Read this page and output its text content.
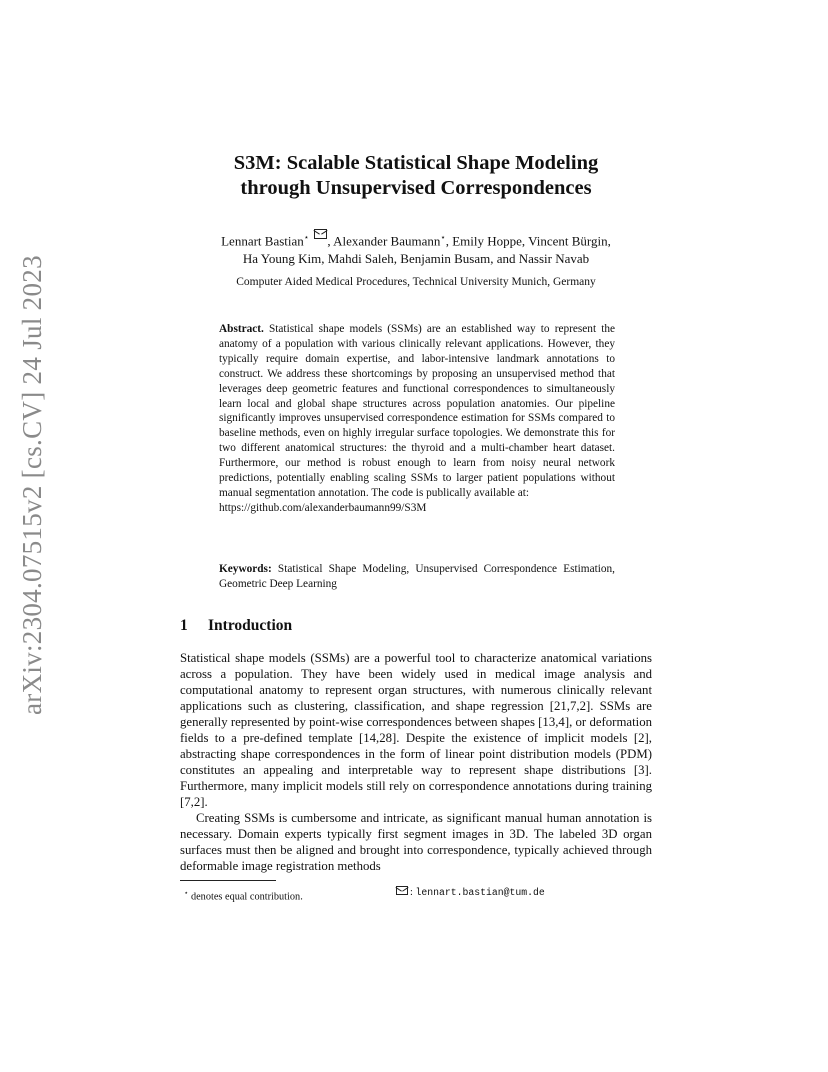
arXiv:2304.07515v2 [cs.CV] 24 Jul 2023
S3M: Scalable Statistical Shape Modeling
through Unsupervised Correspondences
Lennart Bastian⋆ , Alexander Baumann⋆, Emily Hoppe, Vincent Bürgin,
Ha Young Kim, Mahdi Saleh, Benjamin Busam, and Nassir Navab
Computer Aided Medical Procedures, Technical University Munich, Germany

Abstract. Statistical shape models (SSMs) are an established way to represent the anatomy of a population with various clinically relevant applications. However, they typically require domain expertise, and labor-intensive landmark annotations to construct. We address these shortcomings by proposing an unsupervised method that leverages deep geometric features and functional correspondences to simultaneously learn local and global shape structures across population anatomies. Our pipeline significantly improves unsupervised correspondence estimation for SSMs compared to baseline methods, even on highly irregular surface topologies. We demonstrate this for two different anatomical structures: the thyroid and a multi-chamber heart dataset. Furthermore, our method is robust enough to learn from noisy neural network predictions, potentially enabling scaling SSMs to larger patient populations without manual segmentation annotation. The code is publically available at:

https://github.com/alexanderbaumann99/S3M

Keywords: Statistical Shape Modeling, Unsupervised Correspondence Estimation, Geometric Deep Learning
1 Introduction

Statistical shape models (SSMs) are a powerful tool to characterize anatomical variations across a population. They have been widely used in medical image analysis and computational anatomy to represent organ structures, with numerous clinically relevant applications such as clustering, classification, and shape regression [21,7,2]. SSMs are generally represented by point-wise correspondences between shapes [13,4], or deformation fields to a pre-defined template [14,28]. Despite the existence of implicit models [2], abstracting shape correspondences in the form of linear point distribution models (PDM) constitutes an appealing and interpretable way to represent shape distributions [3]. Furthermore, many implicit models still rely on correspondence annotations during training [7,2].

Creating SSMs is cumbersome and intricate, as significant manual human annotation is necessary. Domain experts typically first segment images in 3D. The labeled 3D organ surfaces must then be aligned and brought into correspondence, typically achieved through deformable image registration methods

⋆ denotes equal contribution.	: lennart.bastian@tum.de
